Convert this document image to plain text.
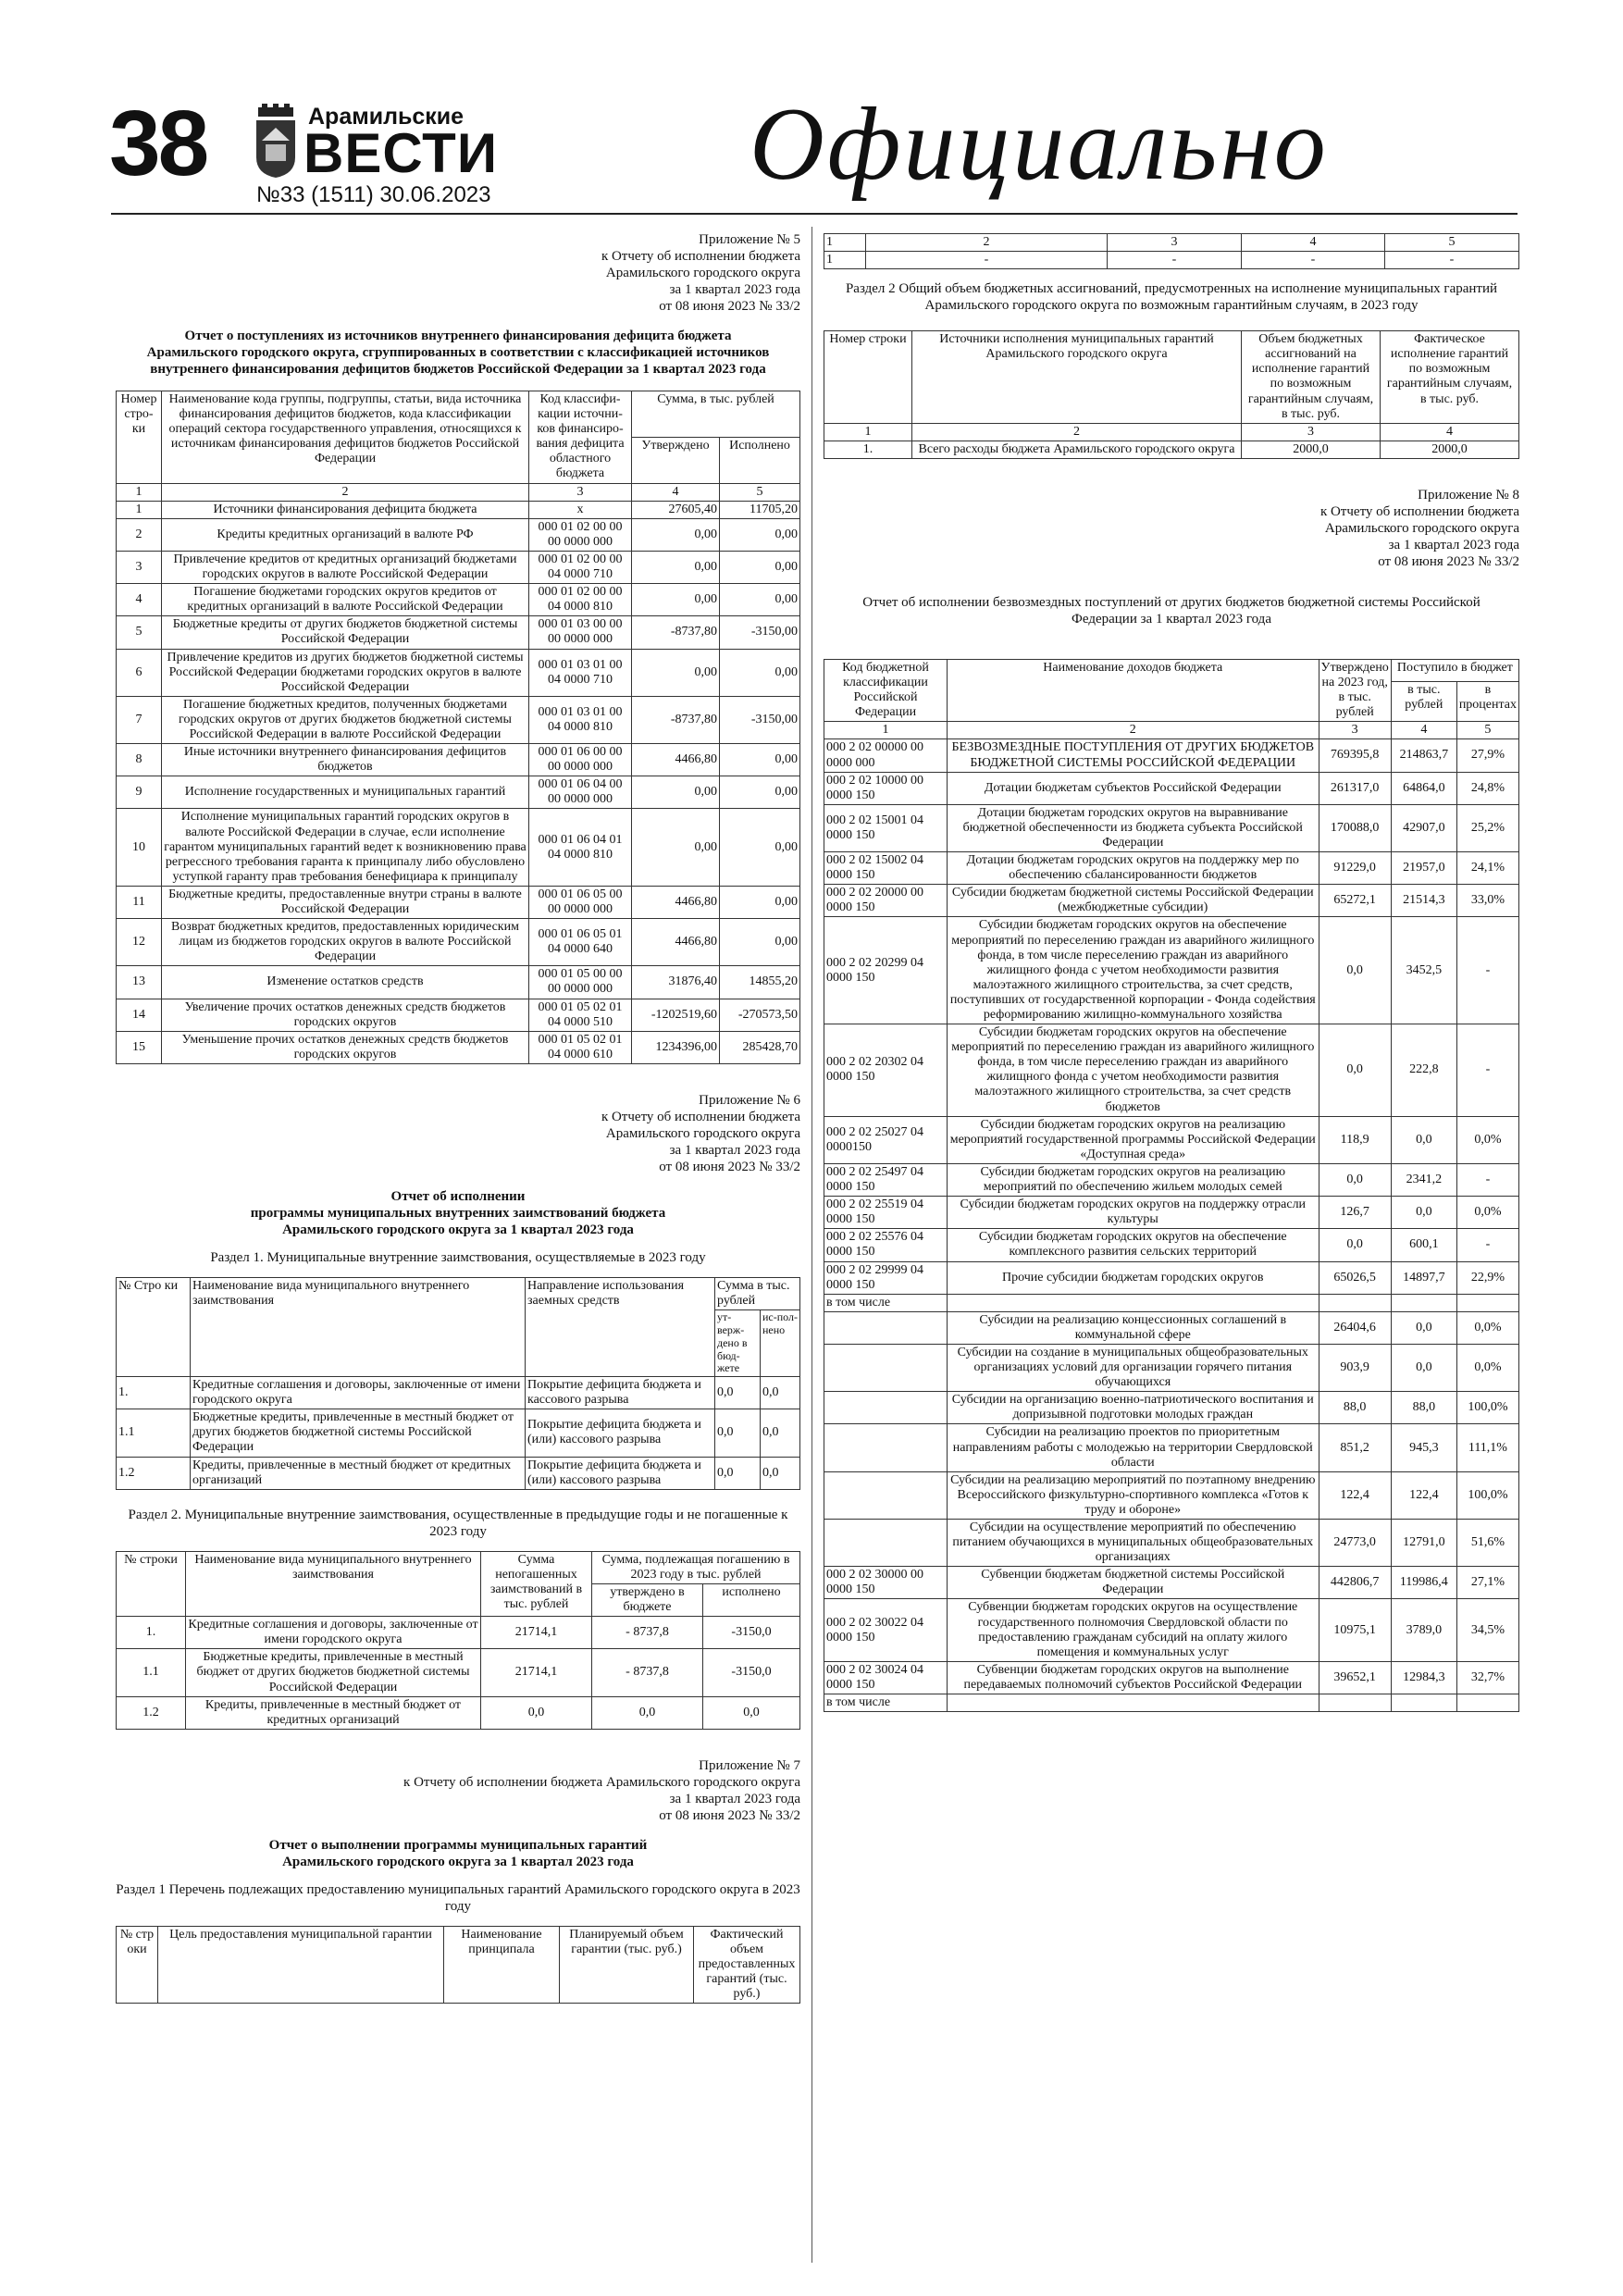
38	Арамильские
ВЕСТИ
№33 (1511) 30.06.2023 Официально
Приложение № 5
к Отчету об исполнении бюджета
Арамильского городского округа
за 1 квартал 2023 года
от 08 июня 2023 № 33/2
Отчет о поступлениях из источников внутреннего финансирования дефицита бюджета Арамильского городского округа, сгруппированных в соответствии с классификацией источников внутреннего финансирования дефицитов бюджетов Российской Федерации за 1 квартал 2023 года
Номер стро-ки	Наименование кода группы, подгруппы, статьи, вида источника финансирования дефицитов бюджетов, кода классификации операций сектора государственного управления, относящихся к источникам финансирования дефицитов бюджетов Российской Федерации	Код классифи-кации источни-ков финансиро-вания дефицита областного бюджета	Сумма, в тыс. рублей	
			Утверждено	Исполнено
1	2	3	4	5
1	Источники финансирования дефицита бюджета	x	27605,40	11705,20
2	Кредиты кредитных организаций в валюте РФ	000 01 02 00 00 00 0000 000	0,00	0,00
3	Привлечение кредитов от кредитных организаций бюджетами городских округов в валюте Российской Федерации	000 01 02 00 00 04 0000 710	0,00	0,00
4	Погашение бюджетами городских округов кредитов от кредитных организаций в валюте Российской Федерации	000 01 02 00 00 04 0000 810	0,00	0,00
5	Бюджетные кредиты от других бюджетов бюджетной системы Российской Федерации	000 01 03 00 00 00 0000 000	-8737,80	-3150,00
6	Привлечение кредитов из других бюджетов бюджетной системы Российской Федерации бюджетами городских округов в валюте Российской Федерации	000 01 03 01 00 04 0000 710	0,00	0,00
7	Погашение бюджетных кредитов, полученных бюджетами городских округов от других бюджетов бюджетной системы Российской Федерации в валюте Российской Федерации	000 01 03 01 00 04 0000 810	-8737,80	-3150,00
8	Иные источники внутреннего финансирования дефицитов бюджетов	000 01 06 00 00 00 0000 000	4466,80	0,00
9	Исполнение государственных и муниципальных гарантий	000 01 06 04 00 00 0000 000	0,00	0,00
10	Исполнение муниципальных гарантий городских округов в валюте Российской Федерации в случае, если исполнение гарантом муниципальных гарантий ведет к возникновению права регрессного требования гаранта к принципалу либо обусловлено уступкой гаранту прав требования бенефициара к принципалу	000 01 06 04 01 04 0000 810	0,00	0,00
11	Бюджетные кредиты, предоставленные внутри страны в валюте Российской Федерации	000 01 06 05 00 00 0000 000	4466,80	0,00
12	Возврат бюджетных кредитов, предоставленных юридическим лицам из бюджетов городских округов в валюте Российской Федерации	000 01 06 05 01 04 0000 640	4466,80	0,00
13	Изменение остатков средств	000 01 05 00 00 00 0000 000	31876,40	14855,20
14	Увеличение прочих остатков денежных средств бюджетов городских округов	000 01 05 02 01 04 0000 510	-1202519,60	-270573,50
15	Уменьшение прочих остатков денежных средств бюджетов городских округов	000 01 05 02 01 04 0000 610	1234396,00	285428,70
Приложение № 6
к Отчету об исполнении бюджета
Арамильского городского округа
за 1 квартал 2023 года
от 08 июня 2023 № 33/2
Отчет об исполнении
программы муниципальных внутренних заимствований бюджета
Арамильского городского округа за 1 квартал 2023 года
Раздел 1. Муниципальные внутренние заимствования, осуществляемые в 2023 году
№ Стро ки	Наименование вида муниципального внутреннего заимствования	Направление использования заемных средств	Сумма в тыс. рублей	
			ут-верж-дено в бюд-жете	ис-пол-нено
1.	Кредитные соглашения и договоры, заключенные от имени городского округа	Покрытие дефицита бюджета и кассового разрыва	0,0	0,0
1.1	Бюджетные кредиты, привлеченные в местный бюджет от других бюджетов бюджетной системы Российской Федерации	Покрытие дефицита бюджета и (или) кассового разрыва	0,0	0,0
1.2	Кредиты, привлеченные в местный бюджет от кредитных организаций	Покрытие дефицита бюджета и (или) кассового разрыва	0,0	0,0
Раздел 2. Муниципальные внутренние заимствования, осуществленные в предыдущие годы и не погашенные к 2023 году
№ строки	Наименование вида муниципального внутреннего заимствования	Сумма непогашенных заимствований в тыс. рублей	Сумма, подлежащая погашению в 2023 году в тыс. рублей	
			утверждено в бюджете	исполнено
1.	Кредитные соглашения и договоры, заключенные от имени городского округа	21714,1	- 8737,8	-3150,0
1.1	Бюджетные кредиты, привлеченные в местный бюджет от других бюджетов бюджетной системы Российской Федерации	21714,1	- 8737,8	-3150,0
1.2	Кредиты, привлеченные в местный бюджет от кредитных организаций	0,0	0,0	0,0
Приложение № 7
к Отчету об исполнении бюджета Арамильского городского округа
за 1 квартал 2023 года
от 08 июня 2023 № 33/2
Отчет о выполнении программы муниципальных гарантий
Арамильского городского округа за 1 квартал 2023 года
Раздел 1 Перечень подлежащих предоставлению муниципальных гарантий Арамильского городского округа в 2023 году
№ стр оки	Цель предоставления муниципальной гарантии	Наименование принципала	Планируемый объем гарантии (тыс. руб.)	Фактический объем предоставленных гарантий (тыс. руб.)
1	2	3	4	5
1	-	-	-	-
Раздел 2 Общий объем бюджетных ассигнований, предусмотренных на исполнение муниципальных гарантий Арамильского городского округа по возможным гарантийным случаям, в 2023 году
Номер строки	Источники исполнения муниципальных гарантий Арамильского городского округа	Объем бюджетных ассигнований на исполнение гарантий по возможным гарантийным случаям, в тыс. руб.	Фактическое исполнение гарантий по возможным гарантийным случаям, в тыс. руб.
1	2	3	4
1.	Всего расходы бюджета Арамильского городского округа	2000,0	2000,0
Приложение № 8
к Отчету об исполнении бюджета
Арамильского городского округа
за 1 квартал 2023 года
от 08 июня 2023 № 33/2
Отчет об исполнении безвозмездных поступлений от других бюджетов бюджетной системы Российской Федерации за 1 квартал 2023 года
Код бюджетной классификации Российской Федерации	Наименование доходов бюджета	Утверждено на 2023 год, в тыс. рублей	Поступило в бюджет	
			в тыс. рублей	в процентах
1	2	3	4	5
000 2 02 00000 00 0000 000	БЕЗВОЗМЕЗДНЫЕ ПОСТУПЛЕНИЯ ОТ ДРУГИХ БЮДЖЕТОВ БЮДЖЕТНОЙ СИСТЕМЫ РОССИЙСКОЙ ФЕДЕРАЦИИ	769395,8	214863,7	27,9%
000 2 02 10000 00 0000 150	Дотации бюджетам субъектов Российской Федерации	261317,0	64864,0	24,8%
000 2 02 15001 04 0000 150	Дотации бюджетам городских округов на выравнивание бюджетной обеспеченности из бюджета субъекта Российской Федерации	170088,0	42907,0	25,2%
000 2 02 15002 04 0000 150	Дотации бюджетам городских округов на поддержку мер по обеспечению сбалансированности бюджетов	91229,0	21957,0	24,1%
000 2 02 20000 00 0000 150	Субсидии бюджетам бюджетной системы Российской Федерации (межбюджетные субсидии)	65272,1	21514,3	33,0%
000 2 02 20299 04 0000 150	Субсидии бюджетам городских округов на обеспечение мероприятий по переселению граждан из аварийного жилищного фонда, в том числе переселению граждан из аварийного жилищного фонда с учетом необходимости развития малоэтажного жилищного строительства, за счет средств, поступивших от государственной корпорации - Фонда содействия реформированию жилищно-коммунального хозяйства	0,0	3452,5	-
000 2 02 20302 04 0000 150	Субсидии бюджетам городских округов на обеспечение мероприятий по переселению граждан из аварийного жилищного фонда, в том числе переселению граждан из аварийного жилищного фонда с учетом необходимости развития малоэтажного жилищного строительства, за счет средств бюджетов	0,0	222,8	-
000 2 02 25027 04 0000150	Субсидии бюджетам городских округов на реализацию мероприятий государственной программы Российской Федерации «Доступная среда»	118,9	0,0	0,0%
000 2 02 25497 04 0000 150	Субсидии бюджетам городских округов на реализацию мероприятий по обеспечению жильем молодых семей	0,0	2341,2	-
000 2 02 25519 04 0000 150	Субсидии бюджетам городских округов на поддержку отрасли культуры	126,7	0,0	0,0%
000 2 02 25576 04 0000 150	Субсидии бюджетам городских округов на обеспечение комплексного развития сельских территорий	0,0	600,1	-
000 2 02 29999 04 0000 150	Прочие субсидии бюджетам городских округов	65026,5	14897,7	22,9%
в том числе				
	Субсидии на реализацию концессионных соглашений в коммунальной сфере	26404,6	0,0	0,0%
	Субсидии на создание в муниципальных общеобразовательных организациях условий для организации горячего питания обучающихся	903,9	0,0	0,0%
	Субсидии на организацию военно-патриотического воспитания и допризывной подготовки молодых граждан	88,0	88,0	100,0%
	Субсидии на реализацию проектов по приоритетным направлениям работы с молодежью на территории Свердловской области	851,2	945,3	111,1%
	Субсидии на реализацию мероприятий по поэтапному внедрению Всероссийского физкультурно-спортивного комплекса «Готов к труду и обороне»	122,4	122,4	100,0%
	Субсидии на осуществление мероприятий по обеспечению питанием обучающихся в муниципальных общеобразовательных организациях	24773,0	12791,0	51,6%
000 2 02 30000 00 0000 150	Субвенции бюджетам бюджетной системы Российской Федерации	442806,7	119986,4	27,1%
000 2 02 30022 04 0000 150	Субвенции бюджетам городских округов на осуществление государственного полномочия Свердловской области по предоставлению гражданам субсидий на оплату жилого помещения и коммунальных услуг	10975,1	3789,0	34,5%
000 2 02 30024 04 0000 150	Субвенции бюджетам городских округов на выполнение передаваемых полномочий субъектов Российской Федерации	39652,1	12984,3	32,7%
в том числе				
